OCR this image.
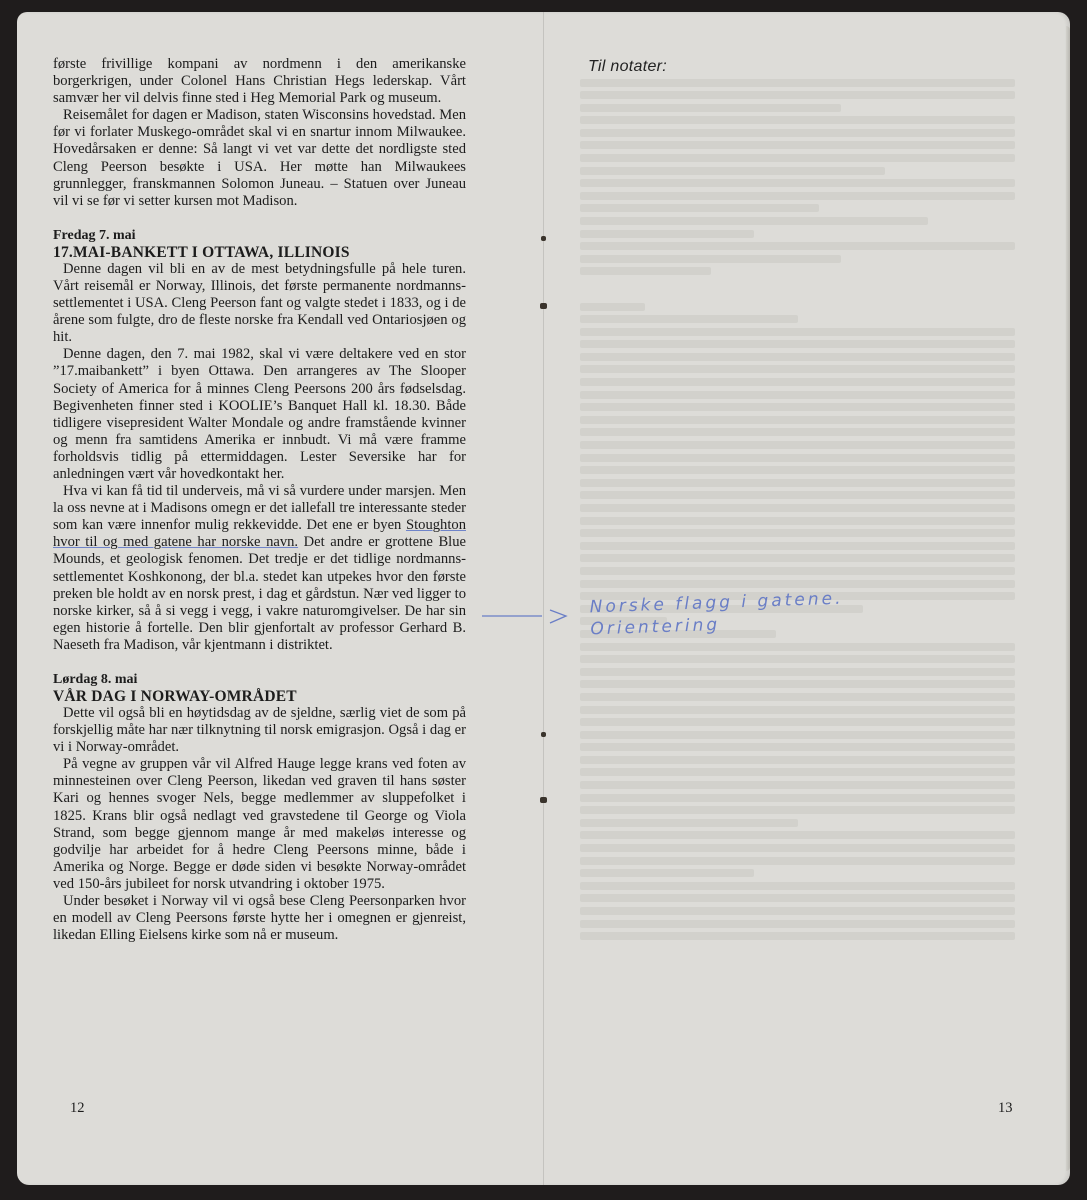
første frivillige kompani av nordmenn i den amerikanske borgerkrigen, under Colonel Hans Christian Hegs lederskap. Vårt samvær her vil delvis finne sted i Heg Memorial Park og museum.

Reisemålet for dagen er Madison, staten Wisconsins hovedstad. Men før vi forlater Muskego-området skal vi en snartur innom Milwaukee. Hovedårsaken er denne: Så langt vi vet var dette det nordligste sted Cleng Peerson besøkte i USA. Her møtte han Milwaukees grunnlegger, franskmannen Solomon Juneau. – Statuen over Juneau vil vi se før vi setter kursen mot Madison.

Fredag 7. mai
17.MAI-BANKETT I OTTAWA, ILLINOIS

Denne dagen vil bli en av de mest betydningsfulle på hele turen. Vårt reisemål er Norway, Illinois, det første permanente nordmanns-settlementet i USA. Cleng Peerson fant og valgte stedet i 1833, og i de årene som fulgte, dro de fleste norske fra Kendall ved Ontariosjøen og hit.

Denne dagen, den 7. mai 1982, skal vi være deltakere ved en stor ”17.maibankett” i byen Ottawa. Den arrangeres av The Slooper Society of America for å minnes Cleng Peersons 200 års fødselsdag. Begivenheten finner sted i KOOLIE’s Banquet Hall kl. 18.30. Både tidligere visepresident Walter Mondale og andre framstående kvinner og menn fra samtidens Amerika er innbudt. Vi må være framme forholdsvis tidlig på ettermiddagen. Lester Seversike har for anledningen vært vår hovedkontakt her.

Hva vi kan få tid til underveis, må vi så vurdere under marsjen. Men la oss nevne at i Madisons omegn er det iallefall tre interessante steder som kan være innenfor mulig rekkevidde. Det ene er byen Stoughton hvor til og med gatene har norske navn. Det andre er grottene Blue Mounds, et geologisk fenomen. Det tredje er det tidlige nordmannssettlementet Koshkonong, der bl.a. stedet kan utpekes hvor den første preken ble holdt av en norsk prest, i dag et gårdstun. Nær ved ligger to norske kirker, så å si vegg i vegg, i vakre naturomgivelser. De har sin egen historie å fortelle. Den blir gjenfortalt av professor Gerhard B. Naeseth fra Madison, vår kjentmann i distriktet.

Lørdag 8. mai
VÅR DAG I NORWAY-OMRÅDET

Dette vil også bli en høytidsdag av de sjeldne, særlig viet de som på forskjellig måte har nær tilknytning til norsk emigrasjon. Også i dag er vi i Norway-området.

På vegne av gruppen vår vil Alfred Hauge legge krans ved foten av minnesteinen over Cleng Peerson, likedan ved graven til hans søster Kari og hennes svoger Nels, begge medlemmer av sluppefolket i 1825. Krans blir også nedlagt ved gravstedene til George og Viola Strand, som begge gjennom mange år med makeløs interesse og godvilje har arbeidet for å hedre Cleng Peersons minne, både i Amerika og Norge. Begge er døde siden vi besøkte Norway-området ved 150-års jubileet for norsk utvandring i oktober 1975.

Under besøket i Norway vil vi også bese Cleng Peersonparken hvor en modell av Cleng Peersons første hytte her i omegnen er gjenreist, likedan Elling Eielsens kirke som nå er museum.

12
Til notater:
Norske flagg i gatene.
Orientering
13
